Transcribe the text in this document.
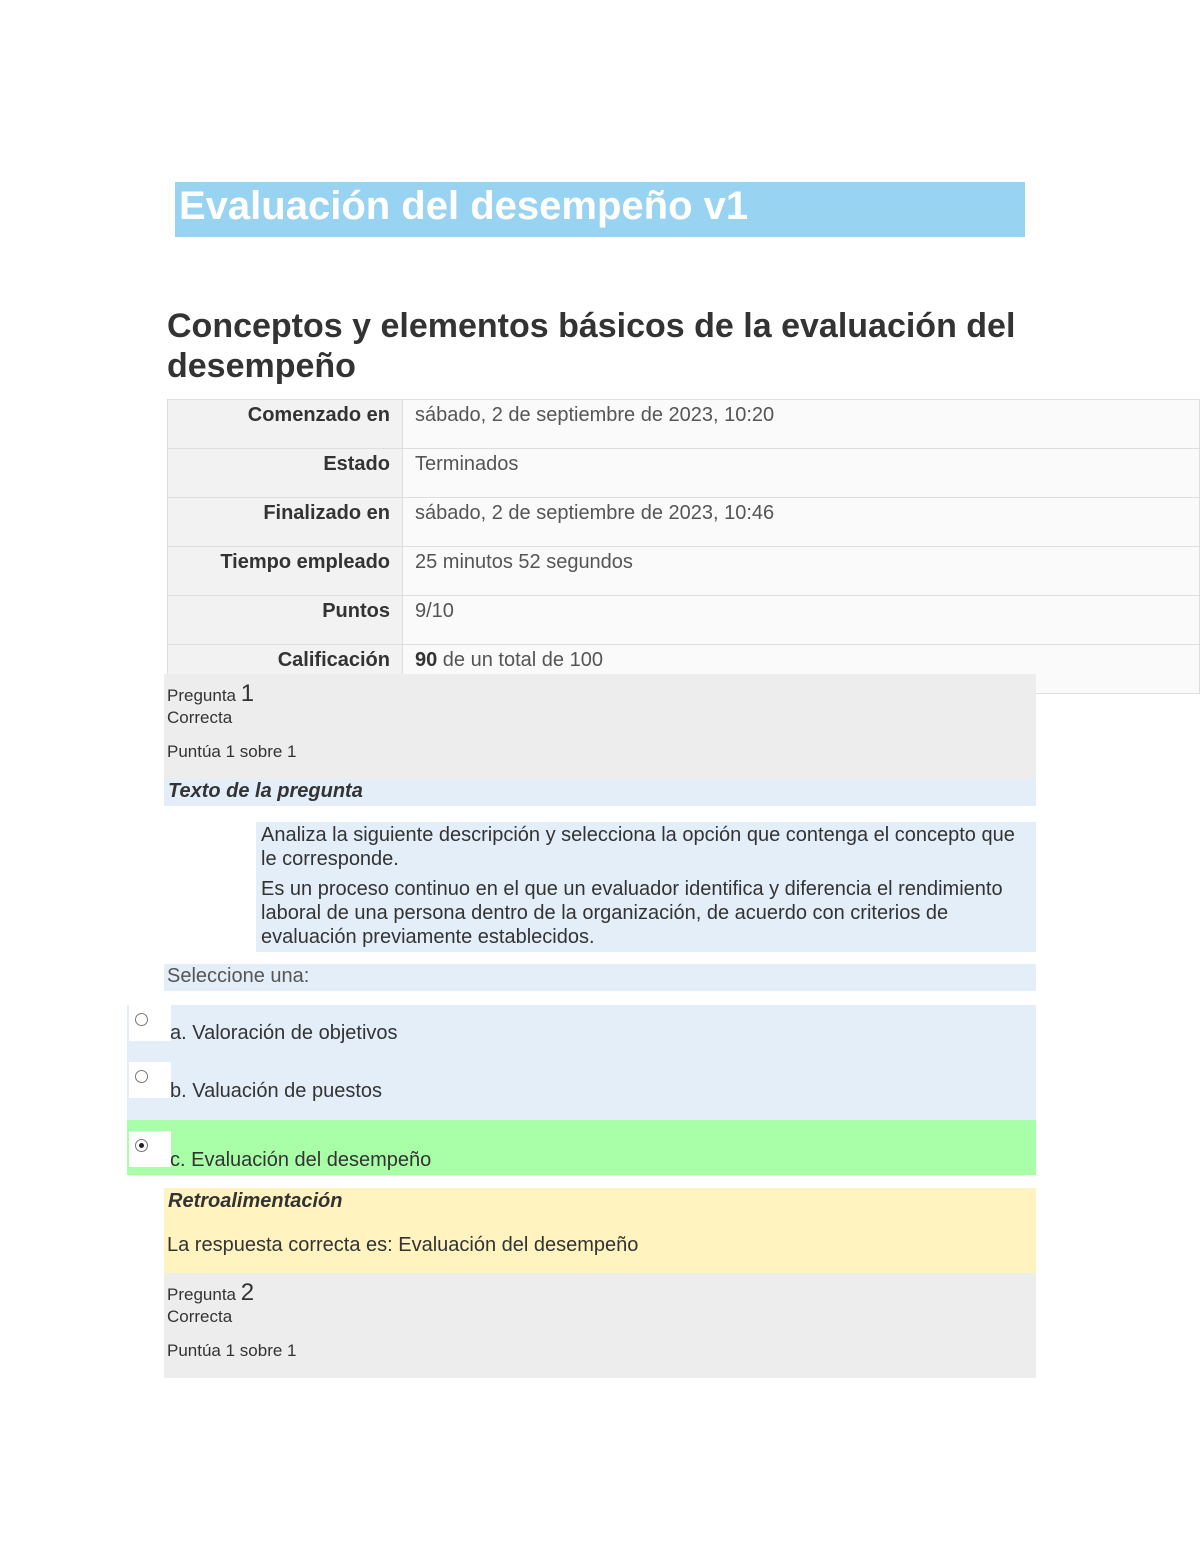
Evaluación del desempeño v1
Conceptos y elementos básicos de la evaluación del desempeño
Comenzado en	sábado, 2 de septiembre de 2023, 10:20
Estado	Terminados
Finalizado en	sábado, 2 de septiembre de 2023, 10:46
Tiempo empleado	25 minutos 52 segundos
Puntos	9/10
Calificación	90 de un total de 100
Pregunta 1
Correcta
Puntúa 1 sobre 1
Texto de la pregunta

Analiza la siguiente descripción y selecciona la opción que contenga el concepto que le corresponde.

Es un proceso continuo en el que un evaluador identifica y diferencia el rendimiento laboral de una persona dentro de la organización, de acuerdo con criterios de evaluación previamente establecidos.

Seleccione una:
a. Valoración de objetivos
b. Valuación de puestos
c. Evaluación del desempeño
Retroalimentación
La respuesta correcta es: Evaluación del desempeño
Pregunta 2
Correcta
Puntúa 1 sobre 1
